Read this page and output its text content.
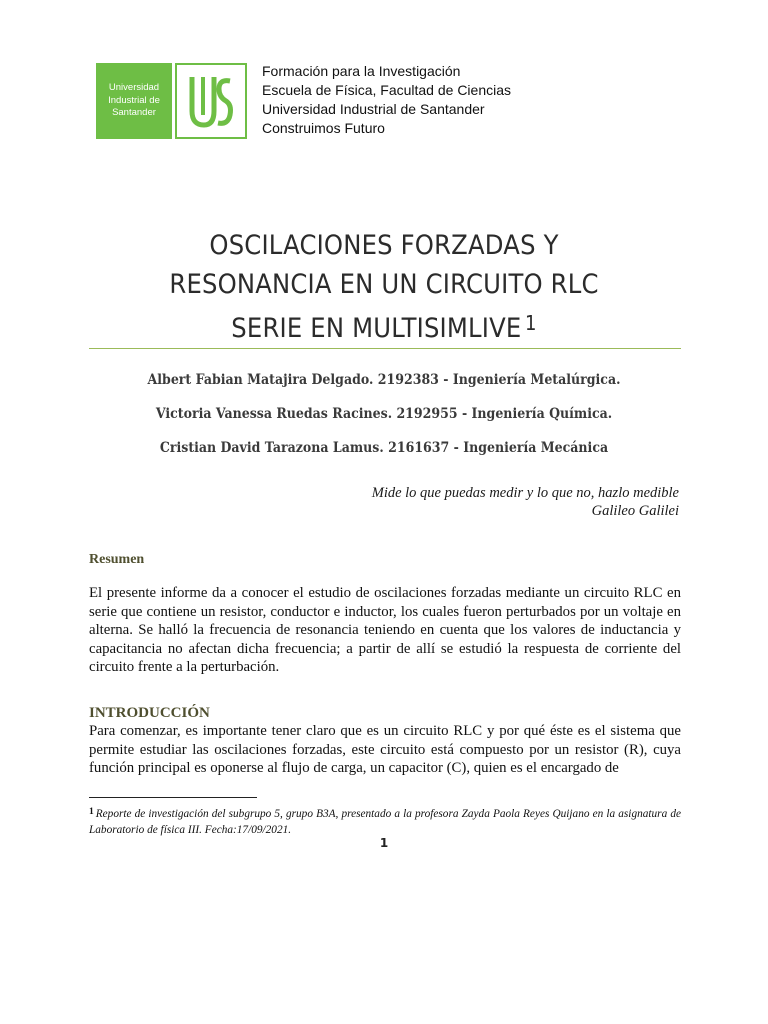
Universidad
Industrial de
Santander
Formación para la Investigación
Escuela de Física, Facultad de Ciencias
Universidad Industrial de Santander
Construimos Futuro
OSCILACIONES FORZADAS Y
RESONANCIA EN UN CIRCUITO RLC
SERIE EN MULTISIMLIVE $^1$
Albert Fabian Matajira Delgado. 2192383 - Ingeniería Metalúrgica.
Victoria Vanessa Ruedas Racines. 2192955 - Ingeniería Química.
Cristian David Tarazona Lamus. 2161637 - Ingeniería Mecánica
Mide lo que puedas medir y lo que no, hazlo medible
Galileo Galilei
Resumen
El presente informe da a conocer el estudio de oscilaciones forzadas mediante un circuito RLC en serie que contiene un resistor, conductor e inductor, los cuales fueron perturbados por un voltaje en alterna. Se halló la frecuencia de resonancia teniendo en cuenta que los valores de inductancia y capacitancia no afectan dicha frecuencia; a partir de allí se estudió la respuesta de corriente del circuito frente a la perturbación.
INTRODUCCIÓN
Para comenzar, es importante tener claro que es un circuito RLC y por qué éste es el sistema que permite estudiar las oscilaciones forzadas, este circuito está compuesto por un resistor (R), cuya función principal es oponerse al flujo de carga, un capacitor (C), quien es el encargado de
$^1$ Reporte de investigación del subgrupo 5, grupo B3A, presentado a la profesora Zayda Paola Reyes Quijano en la asignatura de Laboratorio de física III. Fecha:17/09/2021.
1
